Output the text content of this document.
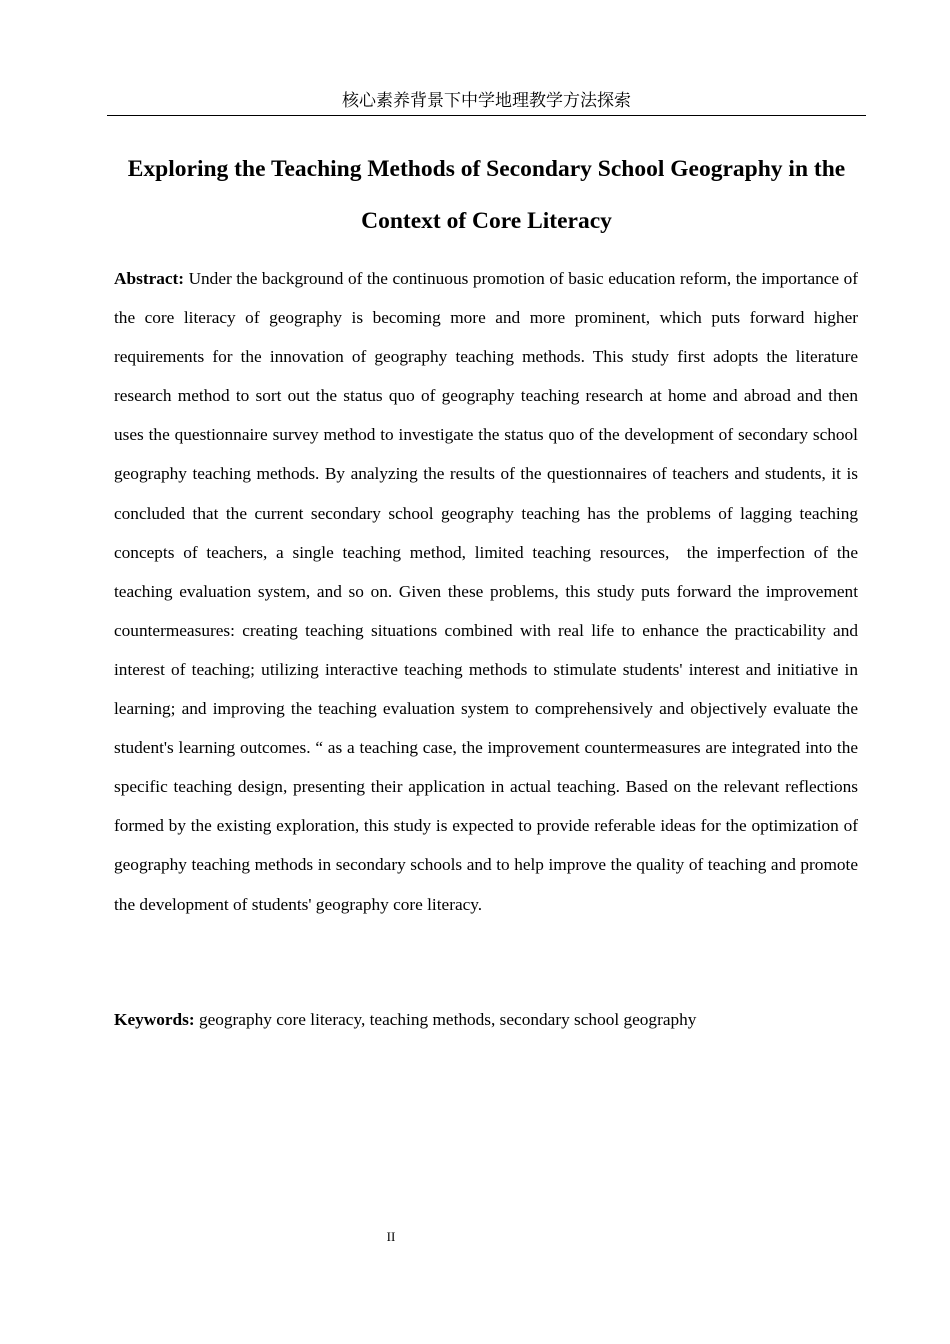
核心素养背景下中学地理教学方法探索
Exploring the Teaching Methods of Secondary School Geography in the Context of Core Literacy

Abstract: Under the background of the continuous promotion of basic education reform, the importance of the core literacy of geography is becoming more and more prominent, which puts forward higher requirements for the innovation of geography teaching methods. This study first adopts the literature research method to sort out the status quo of geography teaching research at home and abroad and then uses the questionnaire survey method to investigate the status quo of the development of secondary school geography teaching methods. By analyzing the results of the questionnaires of teachers and students, it is concluded that the current secondary school geography teaching has the problems of lagging teaching concepts of teachers, a single teaching method, limited teaching resources,  the imperfection of the teaching evaluation system, and so on. Given these problems, this study puts forward the improvement countermeasures: creating teaching situations combined with real life to enhance the practicability and interest of teaching; utilizing interactive teaching methods to stimulate students' interest and initiative in learning; and improving the teaching evaluation system to comprehensively and objectively evaluate the student's learning outcomes. “ as a teaching case, the improvement countermeasures are integrated into the specific teaching design, presenting their application in actual teaching. Based on the relevant reflections formed by the existing exploration, this study is expected to provide referable ideas for the optimization of geography teaching methods in secondary schools and to help improve the quality of teaching and promote the development of students' geography core literacy.

Keywords: geography core literacy, teaching methods, secondary school geography

II
